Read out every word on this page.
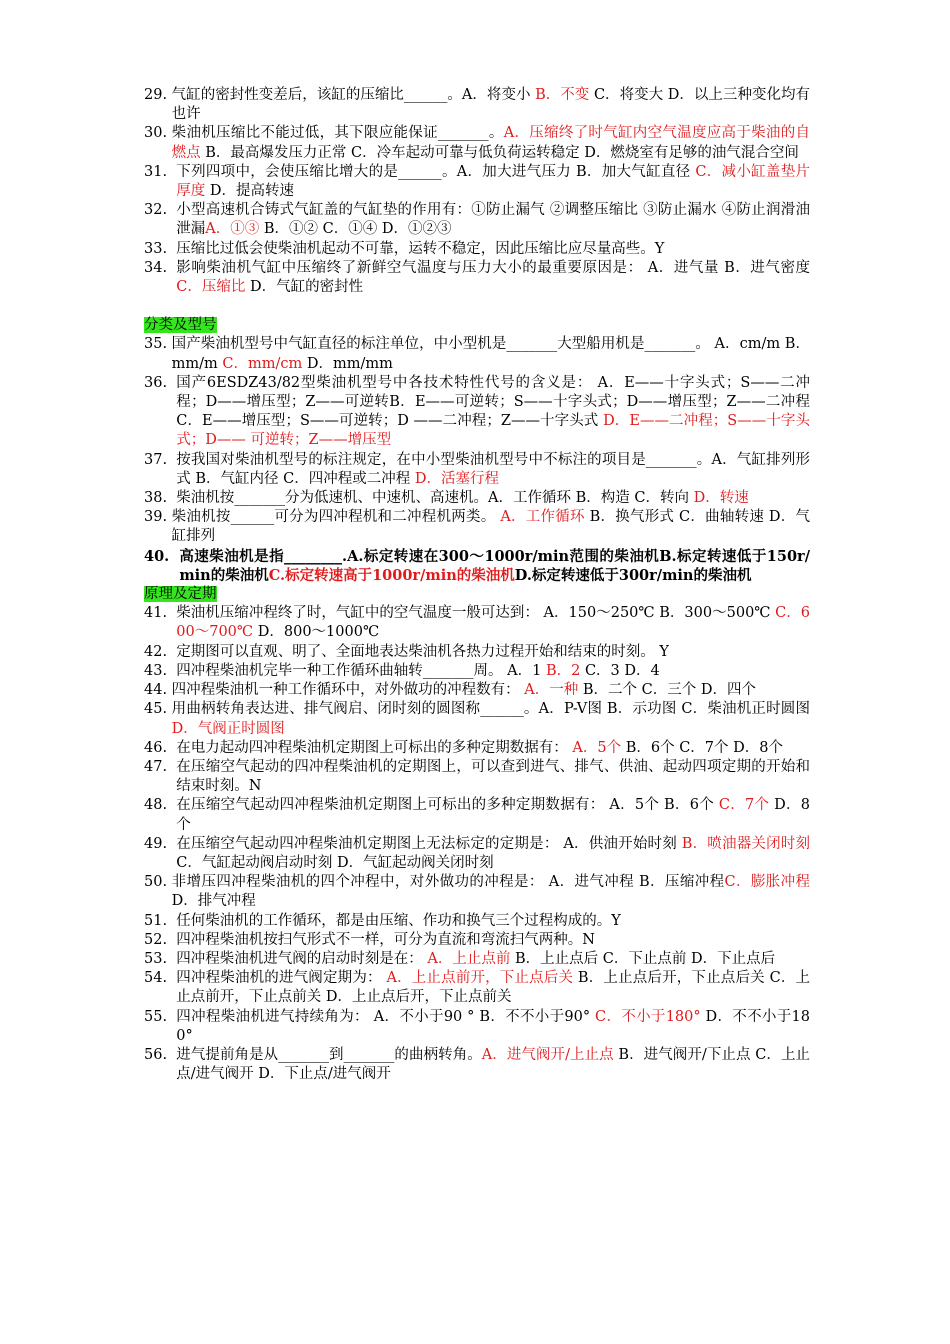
29. 气缸的密封性变差后，该缸的压缩比______。A．将变小 B．不变 C．将变大 D．以上三种变化均有也许
30. 柴油机压缩比不能过低，其下限应能保证_______。A．压缩终了时气缸内空气温度应高于柴油的自燃点 B．最高爆发压力正常 C．冷车起动可靠与低负荷运转稳定 D．燃烧室有足够的油气混合空间
31. 下列四项中，会使压缩比增大的是______。A．加大进气压力 B．加大气缸直径 C．减小缸盖垫片厚度 D．提高转速
32. 小型高速机合铸式气缸盖的气缸垫的作用有：①防止漏气 ②调整压缩比 ③防止漏水 ④防止润滑油泄漏A．①③ B．①② C．①④ D．①②③
33. 压缩比过低会使柴油机起动不可靠，运转不稳定，因此压缩比应尽量高些。Y
34. 影响柴油机气缸中压缩终了新鲜空气温度与压力大小的最重要原因是： A．进气量 B．进气密度 C．压缩比 D．气缸的密封性
分类及型号
35. 国产柴油机型号中气缸直径的标注单位，中小型机是_______大型船用机是_______。 A．cm/m B．mm/m C．mm/cm D．mm/mm
36. 国产6ESDZ43/82型柴油机型号中各技术特性代号的含义是： A．E——十字头式；S——二冲程；D——增压型；Z——可逆转B．E——可逆转；S——十字头式；D——增压型；Z——二冲程C．E——增压型；S——可逆转；D ——二冲程；Z——十字头式 D．E——二冲程；S——十字头式；D—— 可逆转；Z——增压型
37. 按我国对柴油机型号的标注规定，在中小型柴油机型号中不标注的项目是_______。A．气缸排列形式 B．气缸内径 C．四冲程或二冲程 D．活塞行程
38. 柴油机按_______分为低速机、中速机、高速机。A．工作循环 B．构造 C．转向 D．转速
39. 柴油机按______可分为四冲程机和二冲程机两类。 A．工作循环 B．换气形式 C．曲轴转速 D．气缸排列
40. 高速柴油机是指________.A.标定转速在300～1000r/min范围的柴油机B.标定转速低于150r/min的柴油机C.标定转速高于1000r/min的柴油机D.标定转速低于300r/min的柴油机
原理及定期
41. 柴油机压缩冲程终了时，气缸中的空气温度一般可达到： A．150～250℃ B．300～500℃ C．600～700℃ D．800～1000℃
42. 定期图可以直观、明了、全面地表达柴油机各热力过程开始和结束的时刻。 Y
43. 四冲程柴油机完毕一种工作循环曲轴转_______周。 A．1 B．2 C．3 D．4
44. 四冲程柴油机一种工作循环中，对外做功的冲程数有： A．一种 B．二个 C．三个 D．四个
45. 用曲柄转角表达进、排气阀启、闭时刻的圆图称______。A．P-V图 B．示功图 C．柴油机正时圆图 D．气阀正时圆图
46. 在电力起动四冲程柴油机定期图上可标出的多种定期数据有： A．5个 B．6个 C．7个 D．8个
47. 在压缩空气起动的四冲程柴油机的定期图上，可以查到进气、排气、供油、起动四项定期的开始和结束时刻。N
48. 在压缩空气起动四冲程柴油机定期图上可标出的多种定期数据有： A．5个 B．6个 C．7个 D．8个
49. 在压缩空气起动四冲程柴油机定期图上无法标定的定期是： A．供油开始时刻 B．喷油器关闭时刻 C．气缸起动阀启动时刻 D．气缸起动阀关闭时刻
50. 非增压四冲程柴油机的四个冲程中，对外做功的冲程是： A．进气冲程 B．压缩冲程C．膨胀冲程 D．排气冲程
51. 任何柴油机的工作循环，都是由压缩、作功和换气三个过程构成的。Y
52. 四冲程柴油机按扫气形式不一样，可分为直流和弯流扫气两种。N
53. 四冲程柴油机进气阀的启动时刻是在： A．上止点前 B．上止点后 C．下止点前 D．下止点后
54. 四冲程柴油机的进气阀定期为： A．上止点前开，下止点后关 B．上止点后开，下止点后关 C．上止点前开，下止点前关 D．上止点后开，下止点前关
55. 四冲程柴油机进气持续角为： A．不小于90 ° B．不不小于90° C．不小于180° D．不不小于180°
56. 进气提前角是从_______到_______的曲柄转角。A．进气阀开/上止点 B．进气阀开/下止点 C．上止点/进气阀开 D．下止点/进气阀开
